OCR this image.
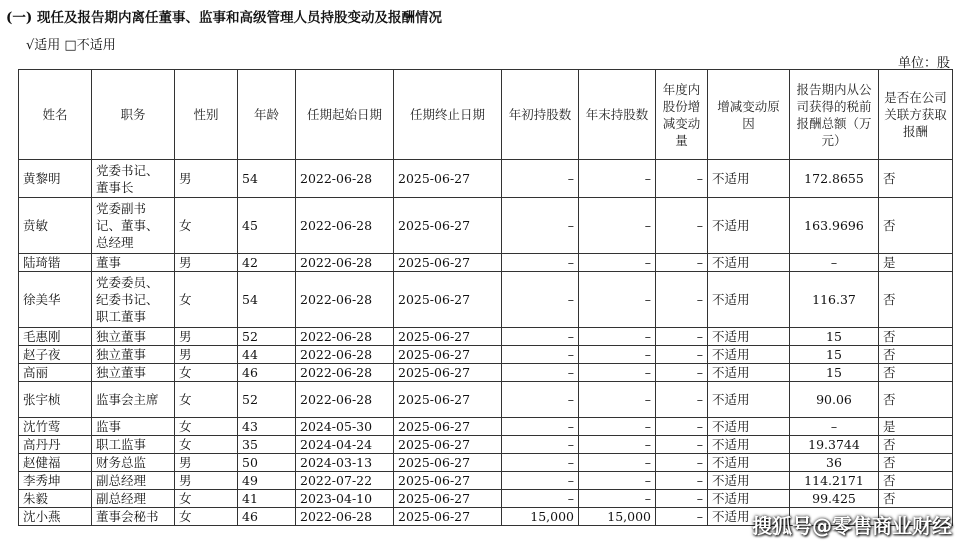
(一) 现任及报告期内离任董事、监事和高级管理人员持股变动及报酬情况
√适用 □不适用
单位：股
姓名	职务	性别	年龄	任期起始日期	任期终止日期	年初持股数	年末持股数	年度内股份增减变动量	增减变动原因	报告期内从公司获得的税前报酬总额（万元）	是否在公司关联方获取报酬
黄黎明	党委书记、董事长	男	54	2022-06-28	2025-06-27	–	–	–	不适用	172.8655	否
贲敏	党委副书记、董事、总经理	女	45	2022-06-28	2025-06-27	–	–	–	不适用	163.9696	否
陆琦锴	董事	男	42	2022-06-28	2025-06-27	–	–	–	不适用	–	是
徐美华	党委委员、纪委书记、职工董事	女	54	2022-06-28	2025-06-27	–	–	–	不适用	116.37	否
毛惠刚	独立董事	男	52	2022-06-28	2025-06-27	–	–	–	不适用	15	否
赵子夜	独立董事	男	44	2022-06-28	2025-06-27	–	–	–	不适用	15	否
高丽	独立董事	女	46	2022-06-28	2025-06-27	–	–	–	不适用	15	否
张宇桢	监事会主席	女	52	2022-06-28	2025-06-27	–	–	–	不适用	90.06	否
沈竹莺	监事	女	43	2024-05-30	2025-06-27	–	–	–	不适用	–	是
高丹丹	职工监事	女	35	2024-04-24	2025-06-27	–	–	–	不适用	19.3744	否
赵健福	财务总监	男	50	2024-03-13	2025-06-27	–	–	–	不适用	36	否
李秀坤	副总经理	男	49	2022-07-22	2025-06-27	–	–	–	不适用	114.2171	否
朱毅	副总经理	女	41	2023-04-10	2025-06-27	–	–	–	不适用	99.425	否
沈小燕	董事会秘书	女	46	2022-06-28	2025-06-27	15,000	15,000	–	不适用		搜狐号@零售商业财经
